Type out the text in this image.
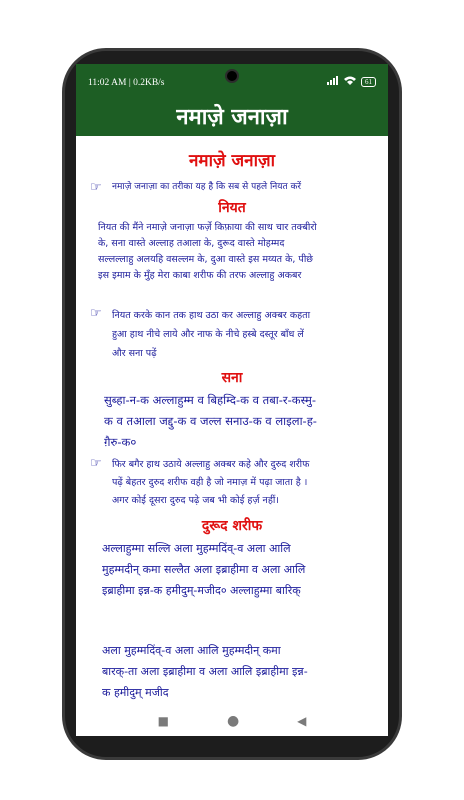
11:02 AM | 0.2KB/s	61
नमाज़े जनाज़ा
नमाज़े जनाज़ा
☞	नमाज़े जनाज़ा का तरीका यह है कि सब से पहले नियत करें
नियत
नियत की मैंने नमाज़े जनाज़ा फर्ज़े किफ़ाया की साथ चार तक्बीरो
के, सना वास्ते अल्लाह तआला के, दुरूद वास्ते मोहम्मद
सल्लल्लाहु अलयहि वसल्लम के, दुआ वास्ते इस मय्यत के, पीछे
इस इमाम के मुँह मेरा काबा शरीफ की तरफ अल्लाहु अकबर
☞	नियत करके कान तक हाथ उठा कर अल्लाहु अक्बर कहता
हुआ हाथ नीचे लाये और नाफ के नीचे हस्बे दस्तूर बाँध लें
और सना पढ़ें
सना
सुब्हा-न-क अल्लाहुम्म व बिहम्दि-क व तबा-र-कस्मु-
क व तआला जद्दु-क व जल्ल सनाउ-क व लाइला-ह-
ग़ैरु-क०
☞	फिर बगैर हाथ उठाये अल्लाहु अक्बर कहे और दुरुद शरीफ
पढ़ें बेहतर दुरुद शरीफ वही है जो नमाज़ में पढ़ा जाता है ।
अगर कोई दूसरा दुरुद पढ़े जब भी कोई हर्ज़ नहीं।
दुरूद शरीफ
अल्लाहुम्मा सल्लि अला मुहम्मदिंव्-व अला आलि
मुहम्मदीन् कमा सल्लैत अला इब्राहीमा व अला आलि
इब्राहीमा इन्न-क हमीदुम्-मजीद० अल्लाहुम्मा बारिक्
अला मुहम्मदिंव्-व अला आलि मुहम्मदीन् कमा
बारक्-ता अला इब्राहीमा व अला आलि इब्राहीमा इन्न-
क हमीदुम् मजीद
■	●	◀
